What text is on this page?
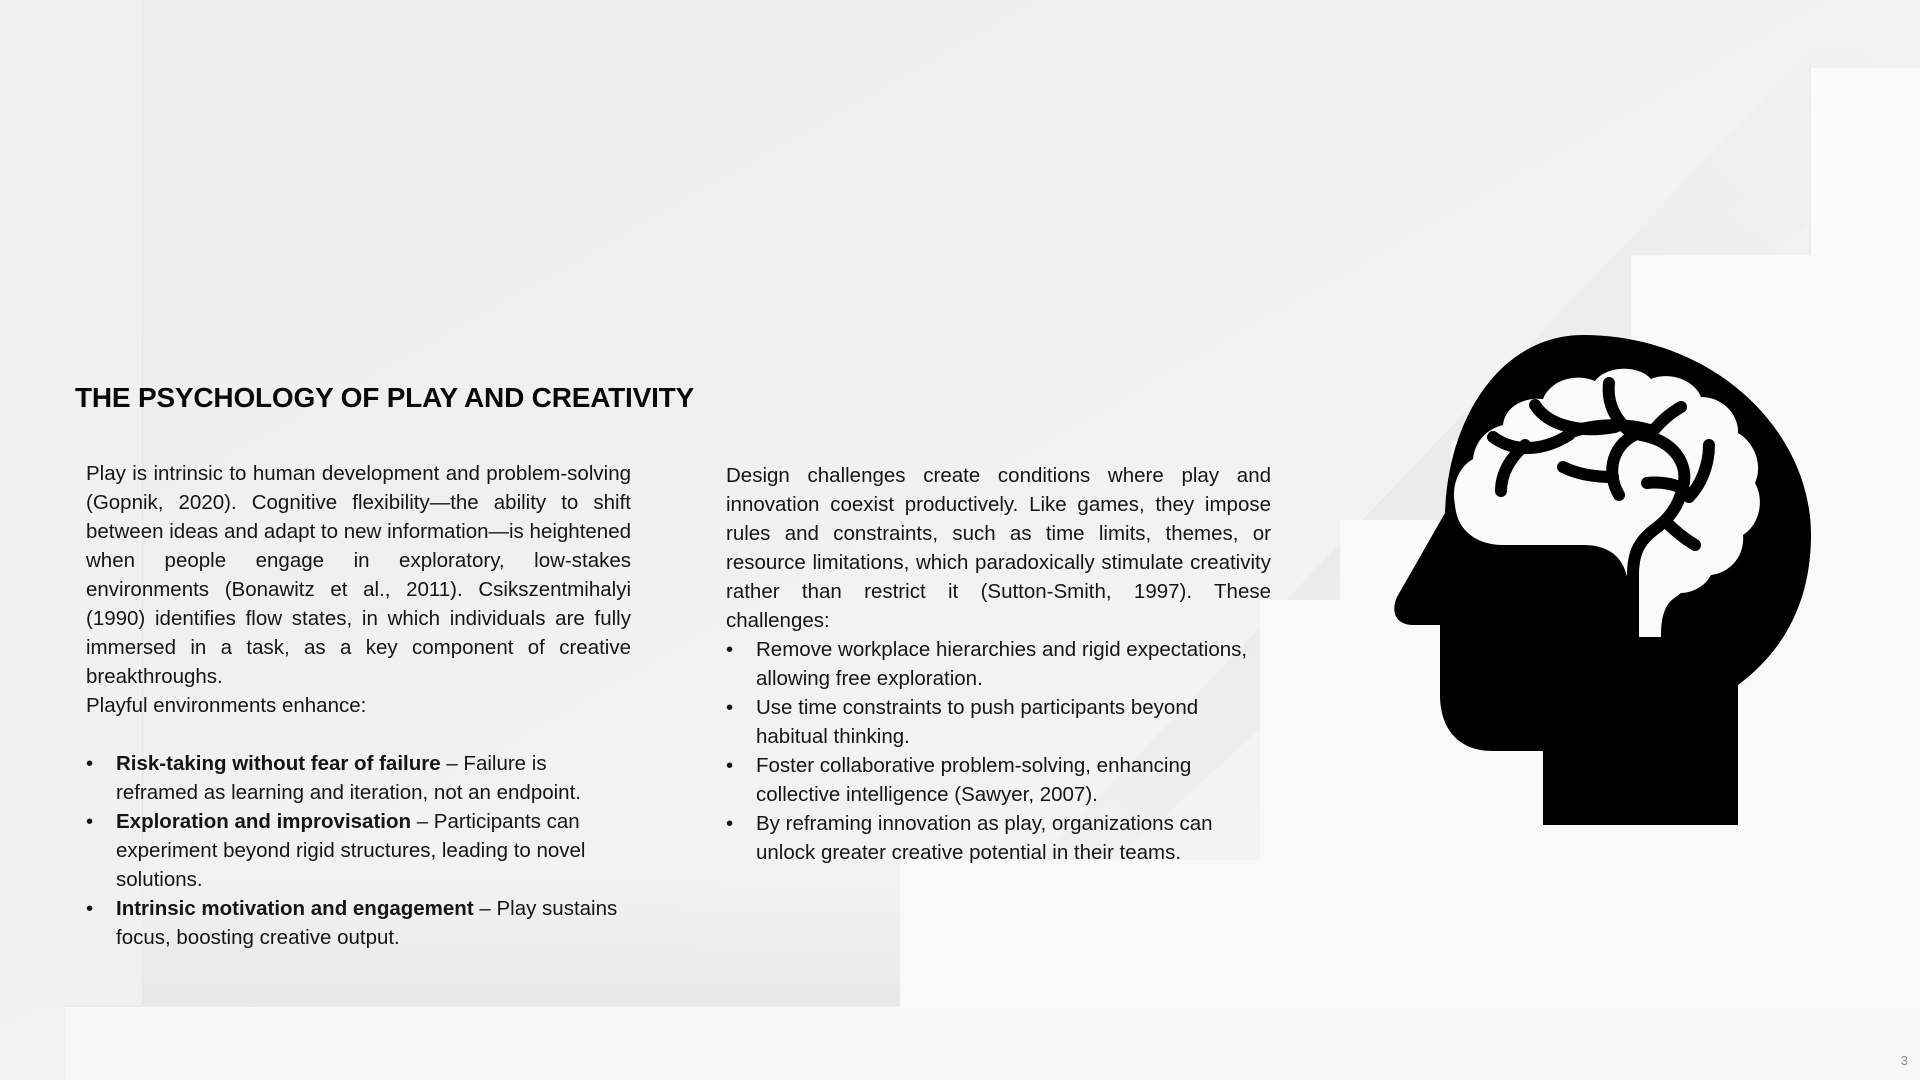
THE PSYCHOLOGY OF PLAY AND CREATIVITY

Play is intrinsic to human development and problem-solving (Gopnik, 2020). Cognitive flexibility—the ability to shift between ideas and adapt to new information—is heightened when people engage in exploratory, low-stakes environments (Bonawitz et al., 2011). Csikszentmihalyi (1990) identifies flow states, in which individuals are fully immersed in a task, as a key component of creative breakthroughs.

Playful environments enhance:

•	Risk-taking without fear of failure – Failure is reframed as learning and iteration, not an endpoint.
•	Exploration and improvisation – Participants can experiment beyond rigid structures, leading to novel solutions.
•	Intrinsic motivation and engagement – Play sustains focus, boosting creative output.

Design challenges create conditions where play and innovation coexist productively. Like games, they impose rules and constraints, such as time limits, themes, or resource limitations, which paradoxically stimulate creativity rather than restrict it (Sutton-Smith, 1997). These challenges:

•	Remove workplace hierarchies and rigid expectations, allowing free exploration.
•	Use time constraints to push participants beyond habitual thinking.
•	Foster collaborative problem-solving, enhancing collective intelligence (Sawyer, 2007).
•	By reframing innovation as play, organizations can unlock greater creative potential in their teams.
3
